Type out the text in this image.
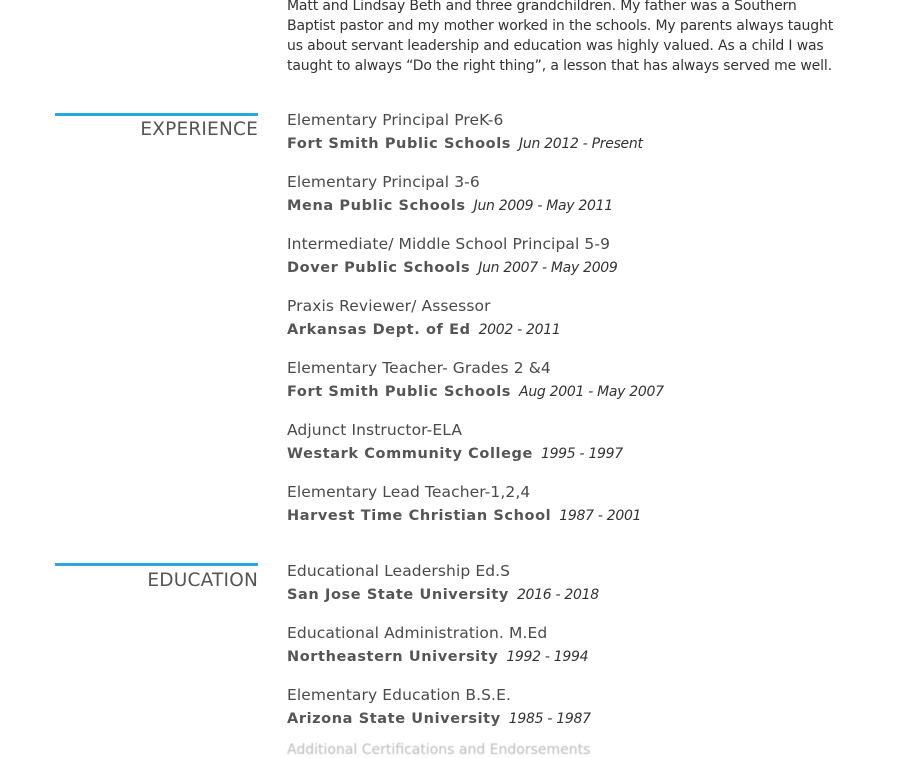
Matt and Lindsay Beth and three grandchildren. My father was a Southern

Baptist pastor and my mother worked in the schools. My parents always taught

us about servant leadership and education was highly valued. As a child I was

taught to always “Do the right thing”, a lesson that has always served me well.

EXPERIENCE Elementary Principal PreK-6
Fort Smith Public Schools Jun 2012 - Present
Elementary Principal 3-6
Mena Public Schools Jun 2009 - May 2011
Intermediate/ Middle School Principal 5-9
Dover Public Schools Jun 2007 - May 2009
Praxis Reviewer/ Assessor
Arkansas Dept. of Ed 2002 - 2011
Elementary Teacher- Grades 2 &4
Fort Smith Public Schools Aug 2001 - May 2007
Adjunct Instructor-ELA
Westark Community College 1995 - 1997
Elementary Lead Teacher-1,2,4
Harvest Time Christian School 1987 - 2001
EDUCATION Educational Leadership Ed.S
San Jose State University 2016 - 2018
Educational Administration. M.Ed
Northeastern University 1992 - 1994
Elementary Education B.S.E.
Arizona State University 1985 - 1987
Additional Certifications and Endorsements
